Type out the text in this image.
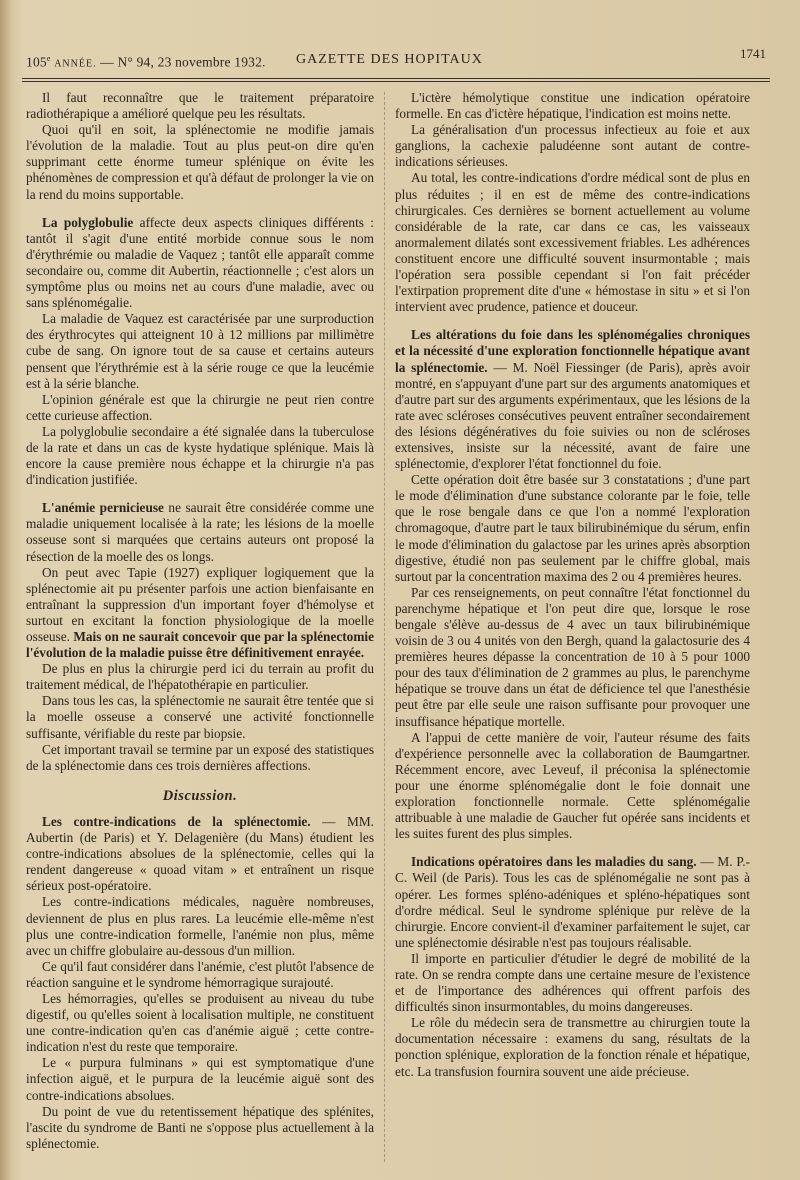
105e ANNÉE. — N° 94, 23 novembre 1932. GAZETTE DES HOPITAUX	1741

Il faut reconnaître que le traitement préparatoire radiothérapique a amélioré quelque peu les résultats.

Quoi qu'il en soit, la splénectomie ne modifie jamais l'évolution de la maladie. Tout au plus peut-on dire qu'en supprimant cette énorme tumeur splénique on évite les phénomènes de compression et qu'à défaut de prolonger la vie on la rend du moins supportable.

La polyglobulie affecte deux aspects cliniques différents : tantôt il s'agit d'une entité morbide connue sous le nom d'érythrémie ou maladie de Vaquez ; tantôt elle apparaît comme secondaire ou, comme dit Aubertin, réactionnelle ; c'est alors un symptôme plus ou moins net au cours d'une maladie, avec ou sans splénomégalie.

La maladie de Vaquez est caractérisée par une surproduction des érythrocytes qui atteignent 10 à 12 millions par millimètre cube de sang. On ignore tout de sa cause et certains auteurs pensent que l'érythrémie est à la série rouge ce que la leucémie est à la série blanche.

L'opinion générale est que la chirurgie ne peut rien contre cette curieuse affection.

La polyglobulie secondaire a été signalée dans la tuberculose de la rate et dans un cas de kyste hydatique splénique. Mais là encore la cause première nous échappe et la chirurgie n'a pas d'indication justifiée.

L'anémie pernicieuse ne saurait être considérée comme une maladie uniquement localisée à la rate; les lésions de la moelle osseuse sont si marquées que certains auteurs ont proposé la résection de la moelle des os longs.

On peut avec Tapie (1927) expliquer logiquement que la splénectomie ait pu présenter parfois une action bienfaisante en entraînant la suppression d'un important foyer d'hémolyse et surtout en excitant la fonction physiologique de la moelle osseuse. Mais on ne saurait concevoir que par la splénectomie l'évolution de la maladie puisse être définitivement enrayée.

De plus en plus la chirurgie perd ici du terrain au profit du traitement médical, de l'hépatothérapie en particulier.

Dans tous les cas, la splénectomie ne saurait être tentée que si la moelle osseuse a conservé une activité fonctionnelle suffisante, vérifiable du reste par biopsie.

Cet important travail se termine par un exposé des statistiques de la splénectomie dans ces trois dernières affections.

Discussion.

Les contre-indications de la splénectomie. — MM. Aubertin (de Paris) et Y. Delagenière (du Mans) étudient les contre-indications absolues de la splénectomie, celles qui la rendent dangereuse « quoad vitam » et entraînent un risque sérieux post-opératoire.

Les contre-indications médicales, naguère nombreuses, deviennent de plus en plus rares. La leucémie elle-même n'est plus une contre-indication formelle, l'anémie non plus, même avec un chiffre globulaire au-dessous d'un million.

Ce qu'il faut considérer dans l'anémie, c'est plutôt l'absence de réaction sanguine et le syndrome hémorragique surajouté.

Les hémorragies, qu'elles se produisent au niveau du tube digestif, ou qu'elles soient à localisation multiple, ne constituent une contre-indication qu'en cas d'anémie aiguë ; cette contre-indication n'est du reste que temporaire.

Le « purpura fulminans » qui est symptomatique d'une infection aiguë, et le purpura de la leucémie aiguë sont des contre-indications absolues.

Du point de vue du retentissement hépatique des splénites, l'ascite du syndrome de Banti ne s'oppose plus actuellement à la splénectomie.

L'ictère hémolytique constitue une indication opératoire formelle. En cas d'ictère hépatique, l'indication est moins nette.

La généralisation d'un processus infectieux au foie et aux ganglions, la cachexie paludéenne sont autant de contre-indications sérieuses.

Au total, les contre-indications d'ordre médical sont de plus en plus réduites ; il en est de même des contre-indications chirurgicales. Ces dernières se bornent actuellement au volume considérable de la rate, car dans ce cas, les vaisseaux anormalement dilatés sont excessivement friables. Les adhérences constituent encore une difficulté souvent insurmontable ; mais l'opération sera possible cependant si l'on fait précéder l'extirpation proprement dite d'une « hémostase in situ » et si l'on intervient avec prudence, patience et douceur.

Les altérations du foie dans les splénomégalies chroniques et la nécessité d'une exploration fonctionnelle hépatique avant la splénectomie. — M. Noël Fiessinger (de Paris), après avoir montré, en s'appuyant d'une part sur des arguments anatomiques et d'autre part sur des arguments expérimentaux, que les lésions de la rate avec scléroses consécutives peuvent entraîner secondairement des lésions dégénératives du foie suivies ou non de scléroses extensives, insiste sur la nécessité, avant de faire une splénectomie, d'explorer l'état fonctionnel du foie.

Cette opération doit être basée sur 3 constatations ; d'une part le mode d'élimination d'une substance colorante par le foie, telle que le rose bengale dans ce que l'on a nommé l'exploration chromagoque, d'autre part le taux bilirubinémique du sérum, enfin le mode d'élimination du galactose par les urines après absorption digestive, étudié non pas seulement par le chiffre global, mais surtout par la concentration maxima des 2 ou 4 premières heures.

Par ces renseignements, on peut connaître l'état fonctionnel du parenchyme hépatique et l'on peut dire que, lorsque le rose bengale s'élève au-dessus de 4 avec un taux bilirubinémique voisin de 3 ou 4 unités von den Bergh, quand la galactosurie des 4 premières heures dépasse la concentration de 10 à 5 pour 1000 pour des taux d'élimination de 2 grammes au plus, le parenchyme hépatique se trouve dans un état de déficience tel que l'anesthésie peut être par elle seule une raison suffisante pour provoquer une insuffisance hépatique mortelle.

A l'appui de cette manière de voir, l'auteur résume des faits d'expérience personnelle avec la collaboration de Baumgartner. Récemment encore, avec Leveuf, il préconisa la splénectomie pour une énorme splénomégalie dont le foie donnait une exploration fonctionnelle normale. Cette splénomégalie attribuable à une maladie de Gaucher fut opérée sans incidents et les suites furent des plus simples.

Indications opératoires dans les maladies du sang. — M. P.-C. Weil (de Paris). Tous les cas de splénomégalie ne sont pas à opérer. Les formes spléno-adéniques et spléno-hépatiques sont d'ordre médical. Seul le syndrome splénique pur relève de la chirurgie. Encore convient-il d'examiner parfaitement le sujet, car une splénectomie désirable n'est pas toujours réalisable.

Il importe en particulier d'étudier le degré de mobilité de la rate. On se rendra compte dans une certaine mesure de l'existence et de l'importance des adhérences qui offrent parfois des difficultés sinon insurmontables, du moins dangereuses.

Le rôle du médecin sera de transmettre au chirurgien toute la documentation nécessaire : examens du sang, résultats de la ponction splénique, exploration de la fonction rénale et hépatique, etc. La transfusion fournira souvent une aide précieuse.
